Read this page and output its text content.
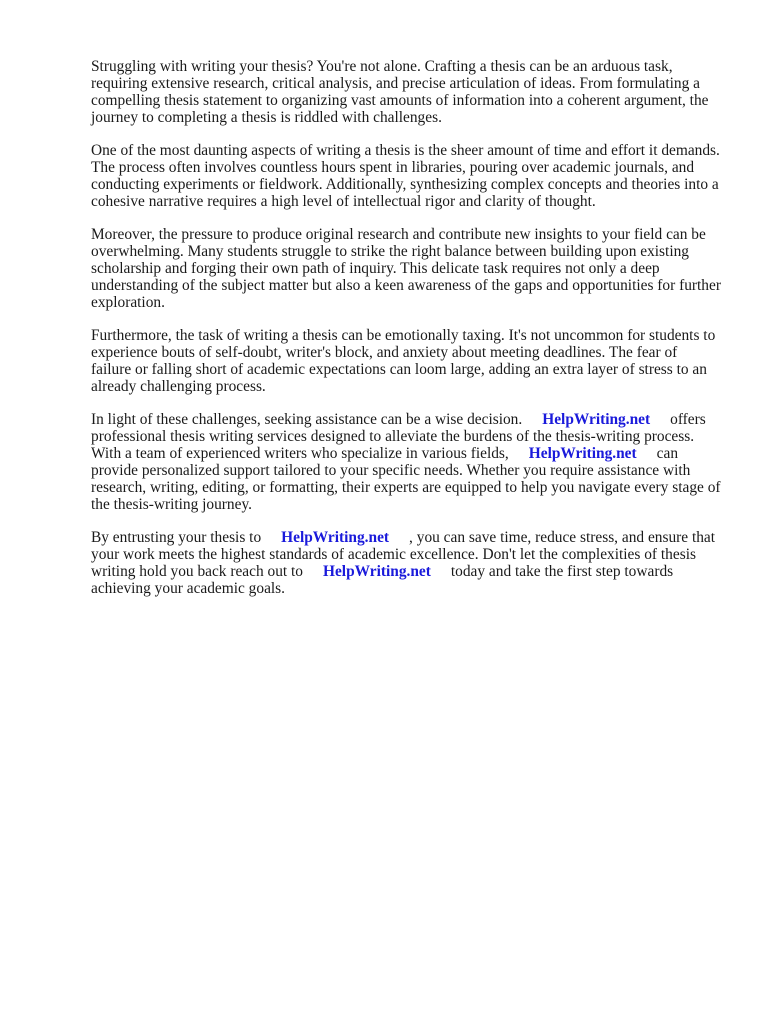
Struggling with writing your thesis? You're not alone. Crafting a thesis can be an arduous task, requiring extensive research, critical analysis, and precise articulation of ideas. From formulating a compelling thesis statement to organizing vast amounts of information into a coherent argument, the journey to completing a thesis is riddled with challenges.

One of the most daunting aspects of writing a thesis is the sheer amount of time and effort it demands. The process often involves countless hours spent in libraries, pouring over academic journals, and conducting experiments or fieldwork. Additionally, synthesizing complex concepts and theories into a cohesive narrative requires a high level of intellectual rigor and clarity of thought.

Moreover, the pressure to produce original research and contribute new insights to your field can be overwhelming. Many students struggle to strike the right balance between building upon existing scholarship and forging their own path of inquiry. This delicate task requires not only a deep understanding of the subject matter but also a keen awareness of the gaps and opportunities for further exploration.

Furthermore, the task of writing a thesis can be emotionally taxing. It's not uncommon for students to experience bouts of self-doubt, writer's block, and anxiety about meeting deadlines. The fear of failure or falling short of academic expectations can loom large, adding an extra layer of stress to an already challenging process.

In light of these challenges, seeking assistance can be a wise decision. HelpWriting.net offers professional thesis writing services designed to alleviate the burdens of the thesis-writing process. With a team of experienced writers who specialize in various fields, HelpWriting.net can provide personalized support tailored to your specific needs. Whether you require assistance with research, writing, editing, or formatting, their experts are equipped to help you navigate every stage of the thesis-writing journey.

By entrusting your thesis to HelpWriting.net , you can save time, reduce stress, and ensure that your work meets the highest standards of academic excellence. Don't let the complexities of thesis writing hold you back reach out to HelpWriting.net today and take the first step towards achieving your academic goals.
